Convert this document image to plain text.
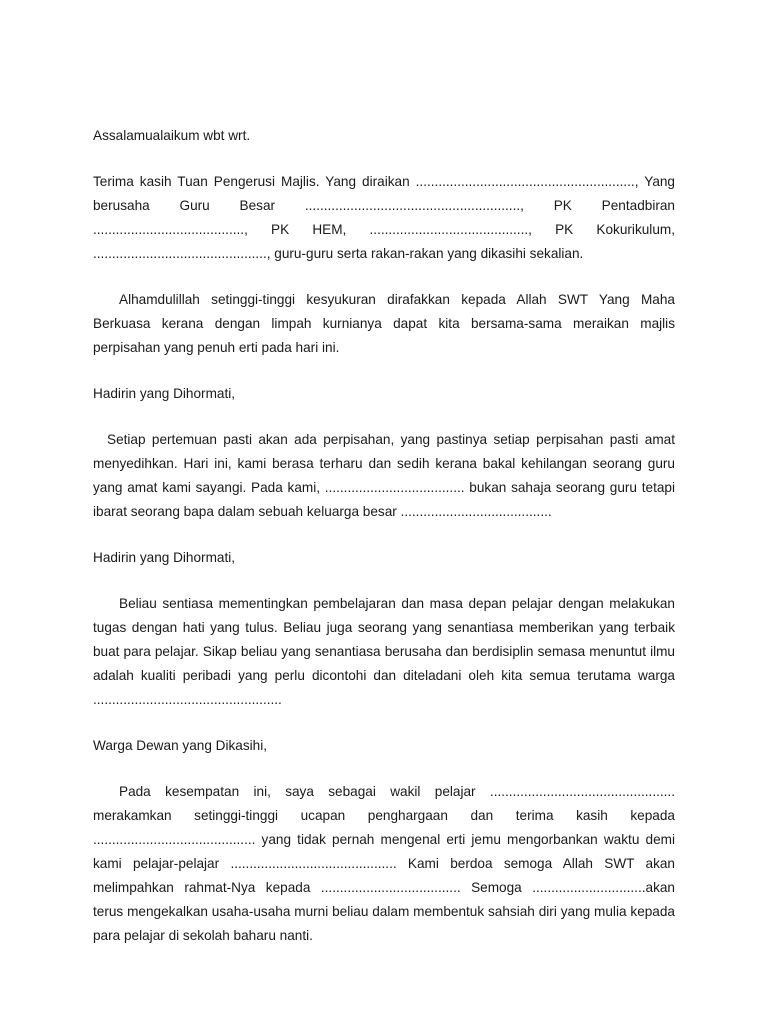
Assalamualaikum wbt wrt.

Terima kasih Tuan Pengerusi Majlis. Yang diraikan .........................................................., Yang berusaha Guru Besar ........................................................., PK Pentadbiran ........................................, PK HEM, .........................................., PK Kokurikulum, .............................................., guru-guru serta rakan-rakan yang dikasihi sekalian.

Alhamdulillah setinggi-tinggi kesyukuran dirafakkan kepada Allah SWT Yang Maha Berkuasa kerana dengan limpah kurnianya dapat kita bersama-sama meraikan majlis perpisahan yang penuh erti pada hari ini.

Hadirin yang Dihormati,

Setiap pertemuan pasti akan ada perpisahan, yang pastinya setiap perpisahan pasti amat menyedihkan. Hari ini, kami berasa terharu dan sedih kerana bakal kehilangan seorang guru yang amat kami sayangi. Pada kami, ..................................... bukan sahaja seorang guru tetapi ibarat seorang bapa dalam sebuah keluarga besar ........................................

Hadirin yang Dihormati,

Beliau sentiasa mementingkan pembelajaran dan masa depan pelajar dengan melakukan tugas dengan hati yang tulus. Beliau juga seorang yang senantiasa memberikan yang terbaik buat para pelajar. Sikap beliau yang senantiasa berusaha dan berdisiplin semasa menuntut ilmu adalah kualiti peribadi yang perlu dicontohi dan diteladani oleh kita semua terutama warga ..................................................

Warga Dewan yang Dikasihi,

Pada kesempatan ini, saya sebagai wakil pelajar ................................................. merakamkan setinggi-tinggi ucapan penghargaan dan terima kasih kepada ........................................... yang tidak pernah mengenal erti jemu mengorbankan waktu demi kami pelajar-pelajar ............................................ Kami berdoa semoga Allah SWT akan melimpahkan rahmat-Nya kepada ..................................... Semoga ..............................akan terus mengekalkan usaha-usaha murni beliau dalam membentuk sahsiah diri yang mulia kepada para pelajar di sekolah baharu nanti.
